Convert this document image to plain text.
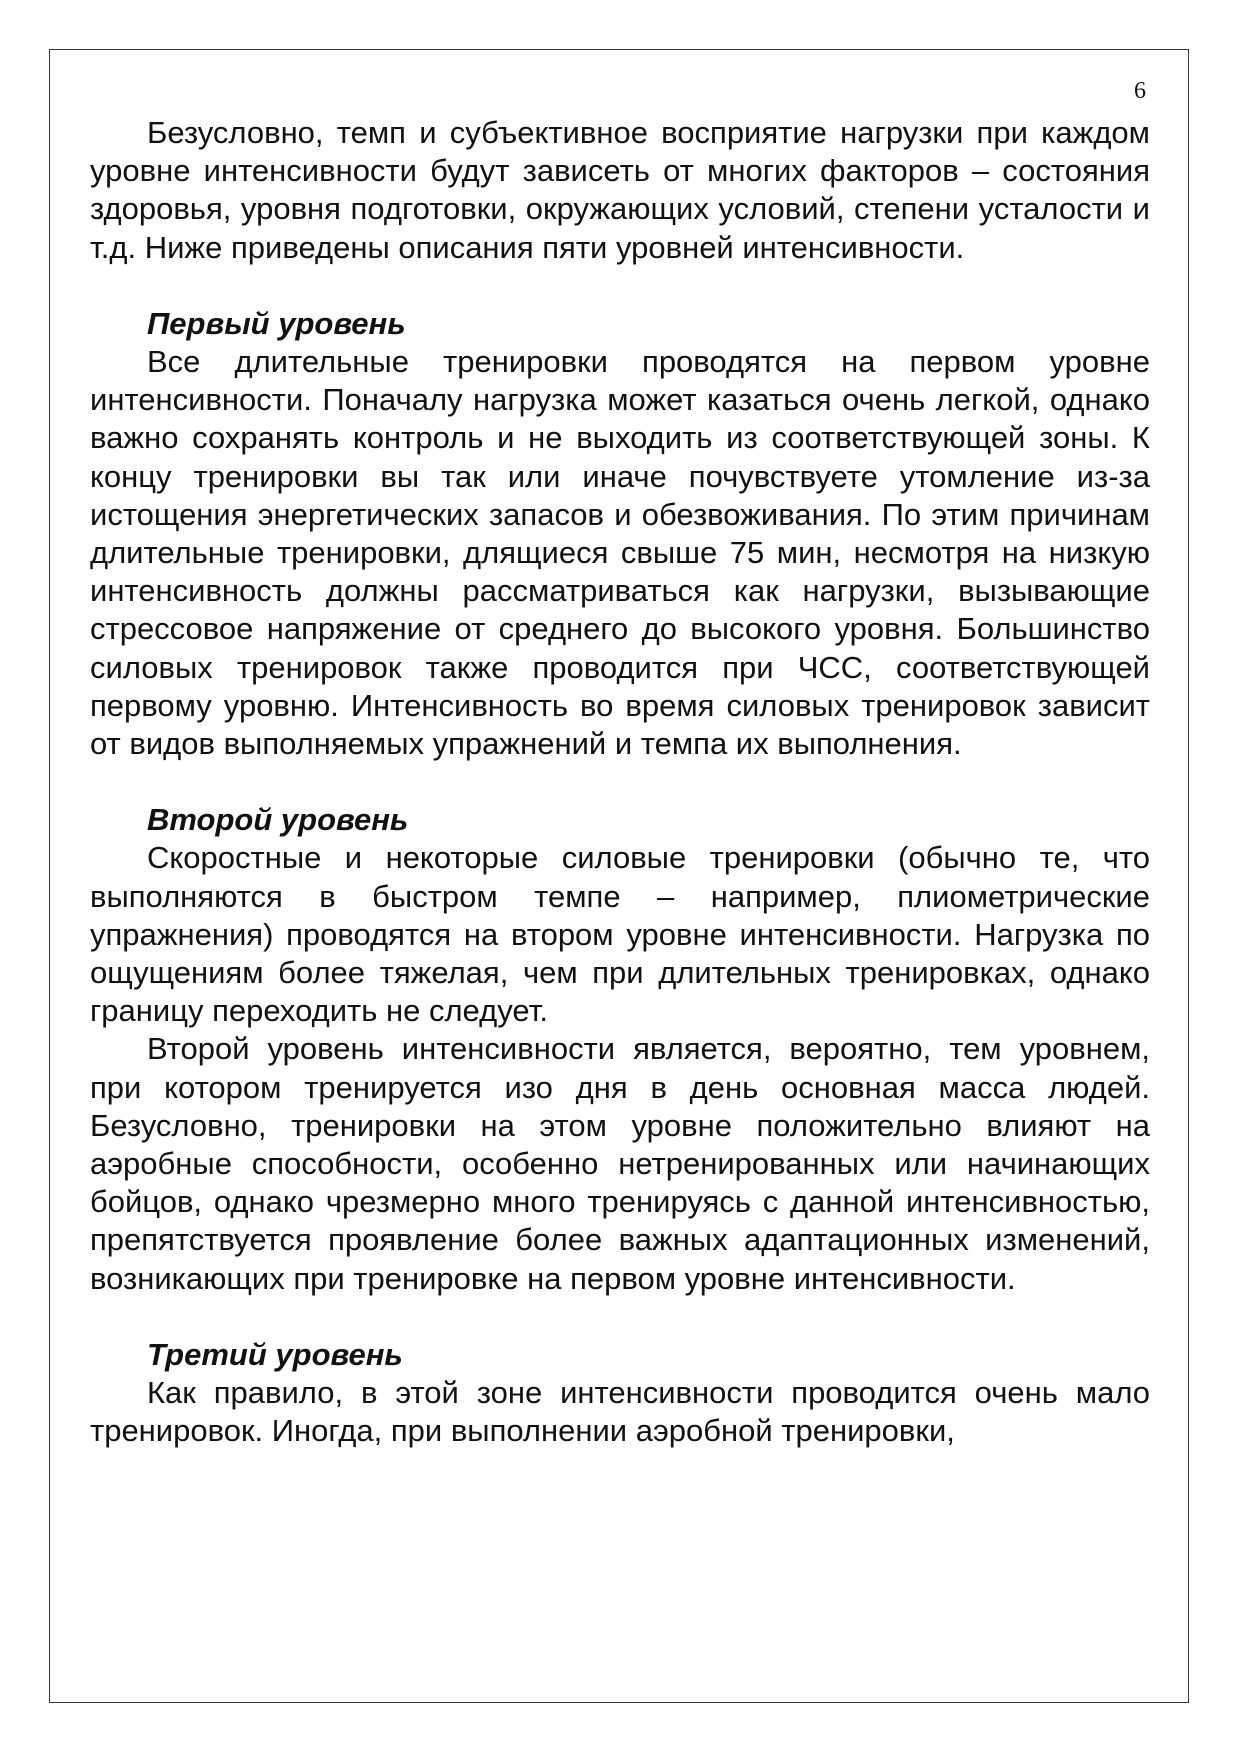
6

Безусловно, темп и субъективное восприятие нагрузки при каждом уровне интенсивности будут зависеть от многих факторов – состояния здоровья, уровня подготовки, окружающих условий, степени усталости и т.д. Ниже приведены описания пяти уровней интенсивности.

Первый уровень

Все длительные тренировки проводятся на первом уровне интенсивности. Поначалу нагрузка может казаться очень легкой, однако важно сохранять контроль и не выходить из соответствующей зоны. К концу тренировки вы так или иначе почувствуете утомление из-за истощения энергетических запасов и обезвоживания. По этим причинам длительные тренировки, длящиеся свыше 75 мин, несмотря на низкую интенсивность должны рассматриваться как нагрузки, вызывающие стрессовое напряжение от среднего до высокого уровня. Большинство силовых тренировок также проводится при ЧСС, соответствующей первому уровню. Интенсивность во время силовых тренировок зависит от видов выполняемых упражнений и темпа их выполнения.

Второй уровень

Скоростные и некоторые силовые тренировки (обычно те, что выполняются в быстром темпе – например, плиометрические упражнения) проводятся на втором уровне интенсивности. Нагрузка по ощущениям более тяжелая, чем при длительных тренировках, однако границу переходить не следует.

Второй уровень интенсивности является, вероятно, тем уровнем, при котором тренируется изо дня в день основная масса людей. Безусловно, тренировки на этом уровне положительно влияют на аэробные способности, особенно нетренированных или начинающих бойцов, однако чрезмерно много тренируясь с данной интенсивностью, препятствуется проявление более важных адаптационных изменений, возникающих при тренировке на первом уровне интенсивности.

Третий уровень

Как правило, в этой зоне интенсивности проводится очень мало тренировок. Иногда, при выполнении аэробной тренировки,
